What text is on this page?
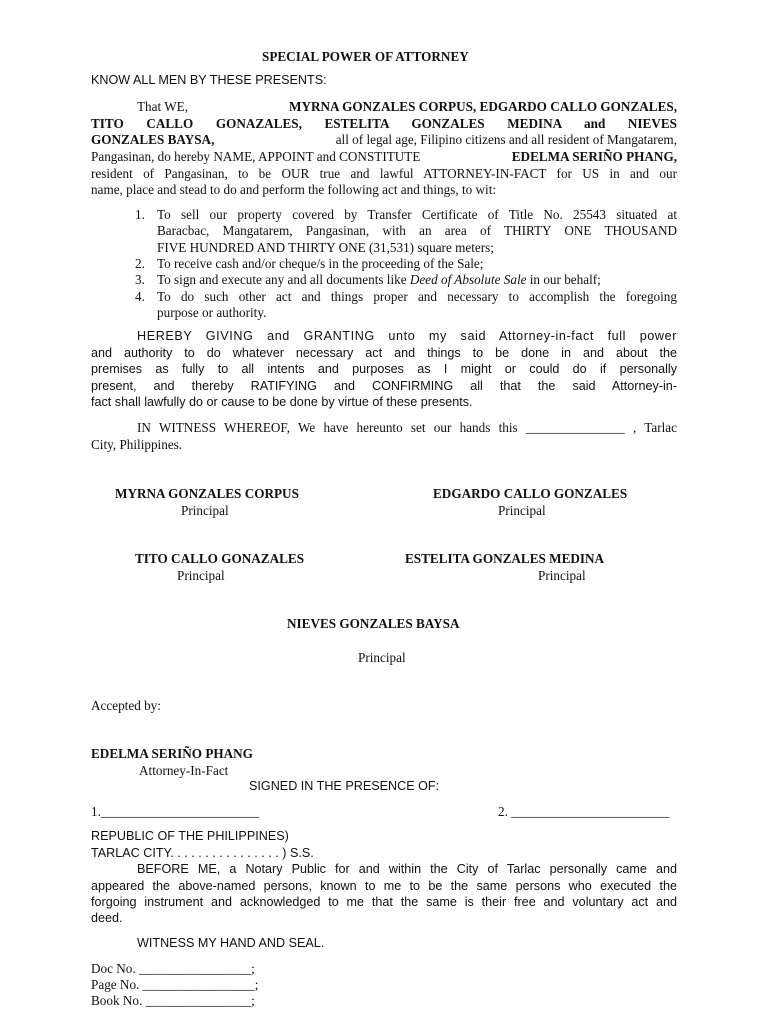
SPECIAL POWER OF ATTORNEY
KNOW ALL MEN BY THESE PRESENTS:
That WE,	MYRNA GONZALES CORPUS, EDGARDO CALLO GONZALES,
TITO CALLO GONAZALES, ESTELITA GONZALES MEDINA and NIEVES
GONZALES BAYSA,	all of legal age, Filipino citizens and all resident of Mangatarem,
Pangasinan, do hereby NAME, APPOINT and CONSTITUTE	EDELMA SERIÑO PHANG,
resident of Pangasinan, to be OUR true and lawful ATTORNEY-IN-FACT for US in and our
name, place and stead to do and perform the following act and things, to wit:
1. To sell our property covered by Transfer Certificate of Title No. 25543 situated at
Baracbac, Mangatarem, Pangasinan, with an area of THIRTY ONE THOUSAND
FIVE HUNDRED AND THIRTY ONE (31,531) square meters;
2. To receive cash and/or cheque/s in the proceeding of the Sale;
3. To sign and execute any and all documents like Deed of Absolute Sale in our behalf;
4. To do such other act and things proper and necessary to accomplish the foregoing
purpose or authority.
HEREBY GIVING and GRANTING unto my said Attorney-in-fact full power
and authority to do whatever necessary act and things to be done in and about the
premises as fully to all intents and purposes as I might or could do if personally
present, and thereby RATIFYING and CONFIRMING all that the said Attorney-in-
fact shall lawfully do or cause to be done by virtue of these presents.
IN WITNESS WHEREOF, We have hereunto set our hands this _______________ , Tarlac
City, Philippines.
MYRNA GONZALES CORPUS
Principal
EDGARDO CALLO GONZALES
Principal
TITO CALLO GONAZALES
Principal
ESTELITA GONZALES MEDINA
Principal
NIEVES GONZALES BAYSA
Principal
Accepted by:
EDELMA SERIÑO PHANG
Attorney-In-Fact
SIGNED IN THE PRESENCE OF:
1.________________________	2. ________________________
REPUBLIC OF THE PHILIPPINES)
TARLAC CITY. . . . . . . . . . . . . . . . ) S.S.
BEFORE ME, a Notary Public for and within the City of Tarlac personally came and
appeared the above-named persons, known to me to be the same persons who executed the
forgoing instrument and acknowledged to me that the same is their free and voluntary act and
deed.
WITNESS MY HAND AND SEAL.
Doc No. _________________;
Page No. _________________;
Book No. ________________;
